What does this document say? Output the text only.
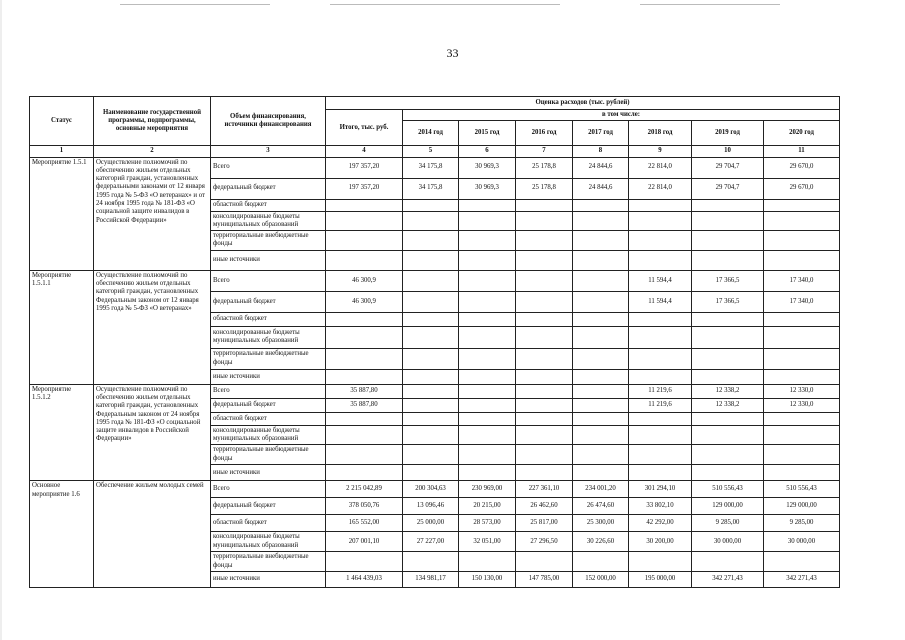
33
Статус	Наименование государственной программы, подпрограммы, основные мероприятия	Объем финансирования, источники финансирования	Оценка расходов (тыс. рублей)							
			Итого, тыс. руб.	в том числе:						
				2014 год	2015 год	2016 год	2017 год	2018 год	2019 год	2020 год
1	2	3	4	5	6	7	8	9	10	11
Мероприятие 1.5.1	Осуществление полномочий по обеспечению жильем отдельных категорий граждан, установленных федеральными законами от 12 января 1995 года № 5-ФЗ «О ветеранах» и от 24 ноября 1995 года № 181-ФЗ «О социальной защите инвалидов в Российской Федерации»	Всего	197 357,20	34 175,8	30 969,3	25 178,8	24 844,6	22 814,0	29 704,7	29 670,0
		федеральный бюджет	197 357,20	34 175,8	30 969,3	25 178,8	24 844,6	22 814,0	29 704,7	29 670,0
		областной бюджет								
		консолидированные бюджеты муниципальных образований								
		территориальные внебюджетные фонды								
		иные источники								
Мероприятие 1.5.1.1	Осуществление полномочий по обеспечению жильем отдельных категорий граждан, установленных Федеральным законом от 12 января 1995 года № 5-ФЗ «О ветеранах»	Всего	46 300,9					11 594,4	17 366,5	17 340,0
		федеральный бюджет	46 300,9					11 594,4	17 366,5	17 340,0
		областной бюджет								
		консолидированные бюджеты муниципальных образований								
		территориальные внебюджетные фонды								
		иные источники								
Мероприятие 1.5.1.2	Осуществление полномочий по обеспечению жильем отдельных категорий граждан, установленных Федеральным законом от 24 ноября 1995 года № 181-ФЗ «О социальной защите инвалидов в Российской Федерации»	Всего	35 887,80					11 219,6	12 338,2	12 330,0
		федеральный бюджет	35 887,80					11 219,6	12 338,2	12 330,0
		областной бюджет								
		консолидированные бюджеты муниципальных образований								
		территориальные внебюджетные фонды								
		иные источники								
Основное мероприятие 1.6	Обеспечение жильем молодых семей	Всего	2 215 042,89	200 304,63	230 969,00	227 361,10	234 001,20	301 294,10	510 556,43	510 556,43
		федеральный бюджет	378 050,76	13 096,46	20 215,00	26 462,60	26 474,60	33 802,10	129 000,00	129 000,00
		областной бюджет	165 552,00	25 000,00	28 573,00	25 817,00	25 300,00	42 292,00	9 285,00	9 285,00
		консолидированные бюджеты муниципальных образований	207 001,10	27 227,00	32 051,00	27 296,50	30 226,60	30 200,00	30 000,00	30 000,00
		территориальные внебюджетные фонды								
		иные источники	1 464 439,03	134 981,17	150 130,00	147 785,00	152 000,00	195 000,00	342 271,43	342 271,43
